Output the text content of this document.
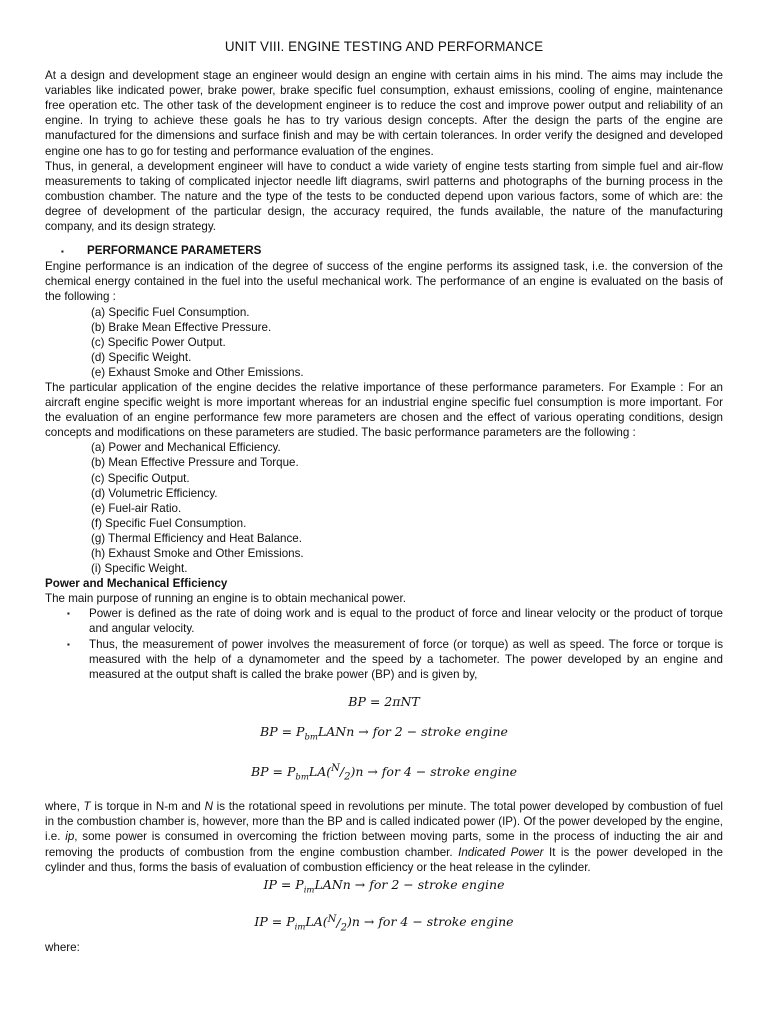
UNIT VIII. ENGINE TESTING AND PERFORMANCE

At a design and development stage an engineer would design an engine with certain aims in his mind. The aims may include the variables like indicated power, brake power, brake specific fuel consumption, exhaust emissions, cooling of engine, maintenance free operation etc. The other task of the development engineer is to reduce the cost and improve power output and reliability of an engine. In trying to achieve these goals he has to try various design concepts. After the design the parts of the engine are manufactured for the dimensions and surface finish and may be with certain tolerances. In order verify the designed and developed engine one has to go for testing and performance evaluation of the engines.

Thus, in general, a development engineer will have to conduct a wide variety of engine tests starting from simple fuel and air-flow measurements to taking of complicated injector needle lift diagrams, swirl patterns and photographs of the burning process in the combustion chamber. The nature and the type of the tests to be conducted depend upon various factors, some of which are: the degree of development of the particular design, the accuracy required, the funds available, the nature of the manufacturing company, and its design strategy.

▪	PERFORMANCE PARAMETERS

Engine performance is an indication of the degree of success of the engine performs its assigned task, i.e. the conversion of the chemical energy contained in the fuel into the useful mechanical work. The performance of an engine is evaluated on the basis of the following :

(a) Specific Fuel Consumption.
(b) Brake Mean Effective Pressure.
(c) Specific Power Output.
(d) Specific Weight.
(e) Exhaust Smoke and Other Emissions.

The particular application of the engine decides the relative importance of these performance parameters. For Example : For an aircraft engine specific weight is more important whereas for an industrial engine specific fuel consumption is more important. For the evaluation of an engine performance few more parameters are chosen and the effect of various operating conditions, design concepts and modifications on these parameters are studied. The basic performance parameters are the following :

(a) Power and Mechanical Efficiency.
(b) Mean Effective Pressure and Torque.
(c) Specific Output.
(d) Volumetric Efficiency.
(e) Fuel-air Ratio.
(f) Specific Fuel Consumption.
(g) Thermal Efficiency and Heat Balance.
(h) Exhaust Smoke and Other Emissions.
(i) Specific Weight.
Power and Mechanical Efficiency

The main purpose of running an engine is to obtain mechanical power.

▪	Power is defined as the rate of doing work and is equal to the product of force and linear velocity or the product of torque and angular velocity.
▪	Thus, the measurement of power involves the measurement of force (or torque) as well as speed. The force or torque is measured with the help of a dynamometer and the speed by a tachometer. The power developed by an engine and measured at the output shaft is called the brake power (BP) and is given by,
BP = 2πNT
BP = $P_{bm}LANn$ → for 2 − stroke engine
BP = $P_{bm}LA(^N/_2)n$ → for 4 − stroke engine

where, T is torque in N-m and N is the rotational speed in revolutions per minute. The total power developed by combustion of fuel in the combustion chamber is, however, more than the BP and is called indicated power (IP). Of the power developed by the engine, i.e. ip, some power is consumed in overcoming the friction between moving parts, some in the process of inducting the air and removing the products of combustion from the engine combustion chamber. Indicated Power It is the power developed in the cylinder and thus, forms the basis of evaluation of combustion efficiency or the heat release in the cylinder.

IP = $P_{im}LANn$ → for 2 − stroke engine
IP = $P_{im}LA(^N/_2)n$ → for 4 − stroke engine

where:
